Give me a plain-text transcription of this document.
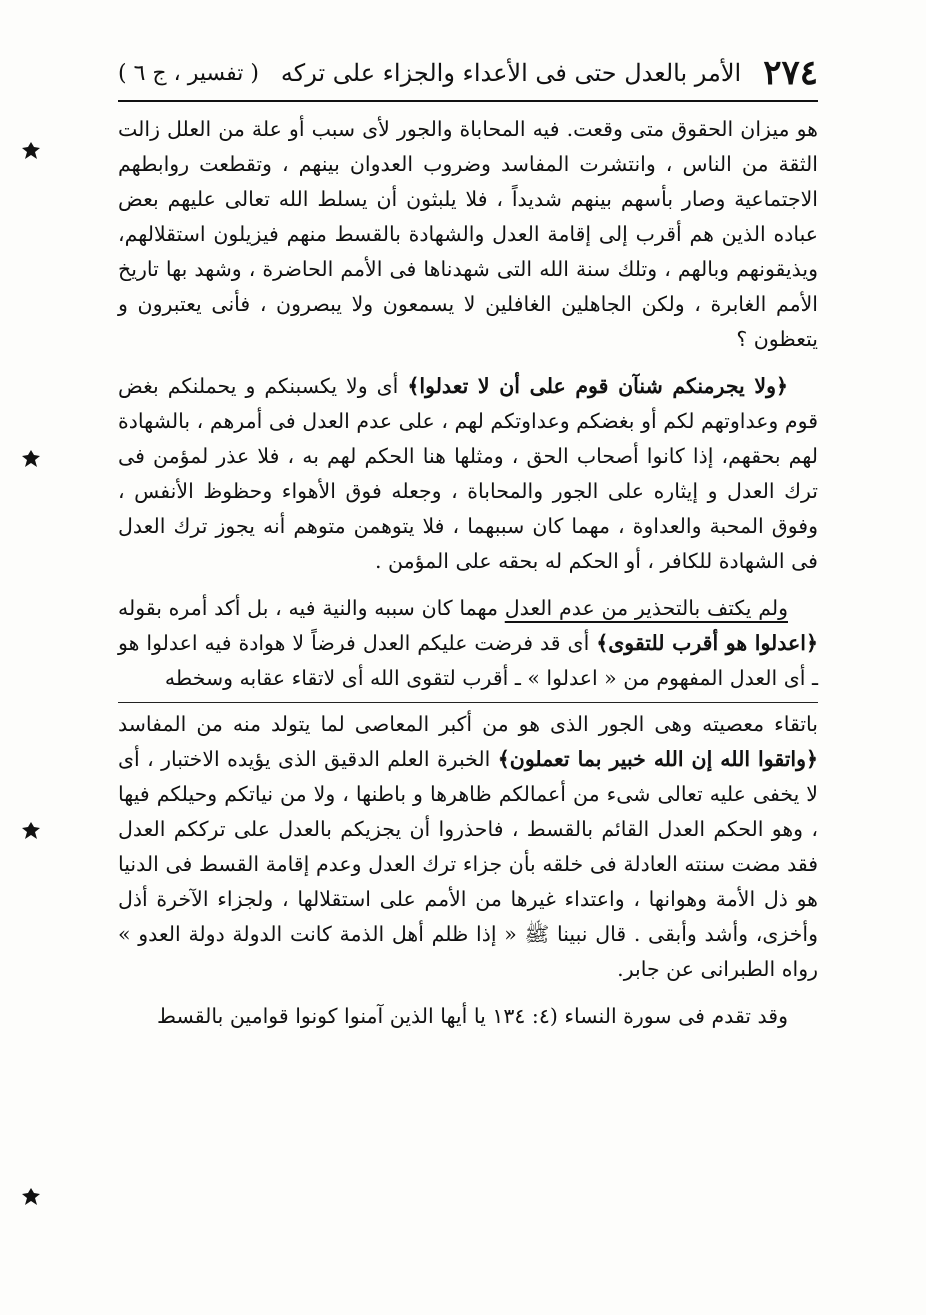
٢٧٤
الأمر بالعدل حتى فى الأعداء والجزاء على تركه
( تفسير ، ج ٦ )

هو ميزان الحقوق متى وقعت. فيه المحاباة والجور لأى سبب أو علة من العلل زالت الثقة من الناس ، وانتشرت المفاسد وضروب العدوان بينهم ، وتقطعت روابطهم الاجتماعية وصار بأسهم بينهم شديداً ، فلا يلبثون أن يسلط الله تعالى عليهم بعض عباده الذين هم أقرب إلى إقامة العدل والشهادة بالقسط منهم فيزيلون استقلالهم، ويذيقونهم وبالهم ، وتلك سنة الله التى شهدناها فى الأمم الحاضرة ، وشهد بها تاريخ الأمم الغابرة ، ولكن الجاهلين الغافلين لا يسمعون ولا يبصرون ، فأنى يعتبرون و يتعظون ؟

﴿ولا يجرمنكم شنآن قوم على أن لا تعدلوا﴾ أى ولا يكسبنكم و يحملنكم بغض قوم وعداوتهم لكم أو بغضكم وعداوتكم لهم ، على عدم العدل فى أمرهم ، بالشهادة لهم بحقهم، إذا كانوا أصحاب الحق ، ومثلها هنا الحكم لهم به ، فلا عذر لمؤمن فى ترك العدل و إيثاره على الجور والمحاباة ، وجعله فوق الأهواء وحظوظ الأنفس ، وفوق المحبة والعداوة ، مهما كان سببهما ، فلا يتوهمن متوهم أنه يجوز ترك العدل فى الشهادة للكافر ، أو الحكم له بحقه على المؤمن .

ولم يكتف بالتحذير من عدم العدل مهما كان سببه والنية فيه ، بل أكد أمره بقوله ﴿اعدلوا هو أقرب للتقوى﴾ أى قد فرضت عليكم العدل فرضاً لا هوادة فيه اعدلوا هو ـ أى العدل المفهوم من « اعدلوا » ـ أقرب لتقوى الله أى لاتقاء عقابه وسخطه

باتقاء معصيته وهى الجور الذى هو من أكبر المعاصى لما يتولد منه من المفاسد ﴿واتقوا الله إن الله خبير بما تعملون﴾ الخبرة العلم الدقيق الذى يؤيده الاختبار ، أى لا يخفى عليه تعالى شىء من أعمالكم ظاهرها و باطنها ، ولا من نياتكم وحيلكم فيها ، وهو الحكم العدل القائم بالقسط ، فاحذروا أن يجزيكم بالعدل على ترككم العدل فقد مضت سنته العادلة فى خلقه بأن جزاء ترك العدل وعدم إقامة القسط فى الدنيا هو ذل الأمة وهوانها ، واعتداء غيرها من الأمم على استقلالها ، ولجزاء الآخرة أذل وأخزى، وأشد وأبقى . قال نبينا ﷺ « إذا ظلم أهل الذمة كانت الدولة دولة العدو » رواه الطبرانى عن جابر.

وقد تقدم فى سورة النساء (٤: ١٣٤ يا أيها الذين آمنوا كونوا قوامين بالقسط
